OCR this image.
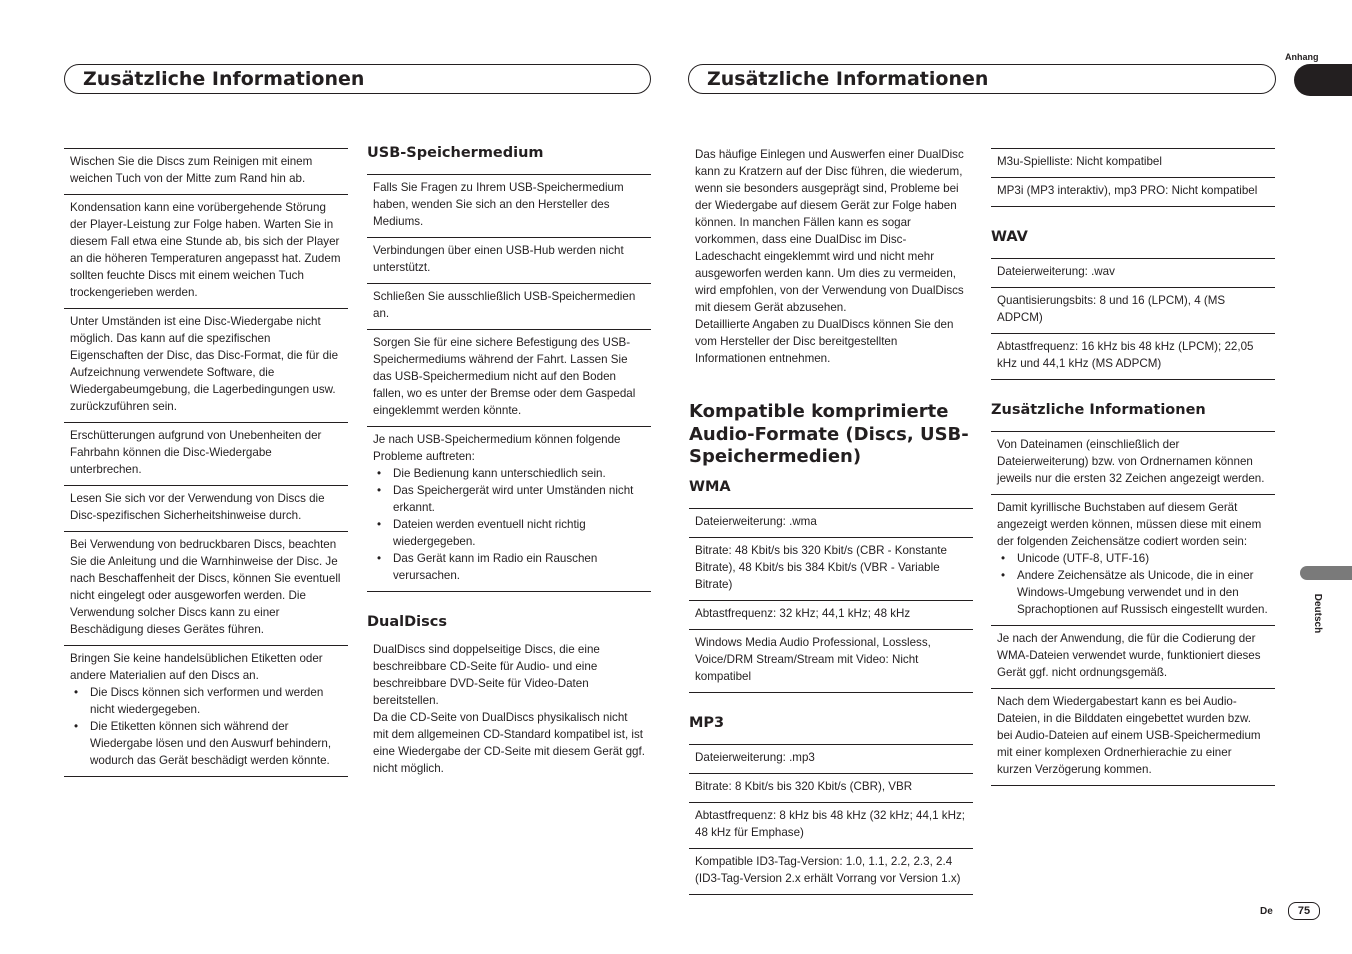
Zusätzliche Informationen	Zusätzliche Informationen
Anhang
Deutsch
De	75

Wischen Sie die Discs zum Reinigen mit einem weichen Tuch von der Mitte zum Rand hin ab.

Kondensation kann eine vorübergehende Störung der Player-Leistung zur Folge haben. Warten Sie in diesem Fall etwa eine Stunde ab, bis sich der Player an die höheren Temperaturen angepasst hat. Zudem sollten feuchte Discs mit einem weichen Tuch trockengerieben werden.

Unter Umständen ist eine Disc-Wiedergabe nicht möglich. Das kann auf die spezifischen Eigenschaften der Disc, das Disc-Format, die für die Aufzeichnung verwendete Software, die Wiedergabeumgebung, die Lagerbedingungen usw. zurückzuführen sein.

Erschütterungen aufgrund von Unebenheiten der Fahrbahn können die Disc-Wiedergabe unterbrechen.

Lesen Sie sich vor der Verwendung von Discs die Disc-spezifischen Sicherheitshinweise durch.

Bei Verwendung von bedruckbaren Discs, beachten Sie die Anleitung und die Warnhinweise der Disc. Je nach Beschaffenheit der Discs, können Sie eventuell nicht eingelegt oder ausgeworfen werden. Die Verwendung solcher Discs kann zu einer Beschädigung dieses Gerätes führen.

Bringen Sie keine handelsüblichen Etiketten oder andere Materialien auf den Discs an.

• Die Discs können sich verformen und werden nicht wiedergegeben.
• Die Etiketten können sich während der Wiedergabe lösen und den Auswurf behindern, wodurch das Gerät beschädigt werden könnte.
USB-Speichermedium

Falls Sie Fragen zu Ihrem USB-Speichermedium haben, wenden Sie sich an den Hersteller des Mediums.

Verbindungen über einen USB-Hub werden nicht unterstützt.

Schließen Sie ausschließlich USB-Speichermedien an.

Sorgen Sie für eine sichere Befestigung des USB-Speichermediums während der Fahrt. Lassen Sie das USB-Speichermedium nicht auf den Boden fallen, wo es unter der Bremse oder dem Gaspedal eingeklemmt werden könnte.

Je nach USB-Speichermedium können folgende Probleme auftreten:

• Die Bedienung kann unterschiedlich sein.
• Das Speichergerät wird unter Umständen nicht erkannt.
• Dateien werden eventuell nicht richtig wiedergegeben.
• Das Gerät kann im Radio ein Rauschen verursachen.
DualDiscs

DualDiscs sind doppelseitige Discs, die eine beschreibbare CD-Seite für Audio- und eine beschreibbare DVD-Seite für Video-Daten bereitstellen.

Da die CD-Seite von DualDiscs physikalisch nicht mit dem allgemeinen CD-Standard kompatibel ist, ist eine Wiedergabe der CD-Seite mit diesem Gerät ggf. nicht möglich.

Das häufige Einlegen und Auswerfen einer DualDisc kann zu Kratzern auf der Disc führen, die wiederum, wenn sie besonders ausgeprägt sind, Probleme bei der Wiedergabe auf diesem Gerät zur Folge haben können. In manchen Fällen kann es sogar vorkommen, dass eine DualDisc im Disc-Ladeschacht eingeklemmt wird und nicht mehr ausgeworfen werden kann. Um dies zu vermeiden, wird empfohlen, von der Verwendung von DualDiscs mit diesem Gerät abzusehen.

Detaillierte Angaben zu DualDiscs können Sie den vom Hersteller der Disc bereitgestellten Informationen entnehmen.

Kompatible komprimierte Audio-Formate (Discs, USB-Speichermedien)
WMA

Dateierweiterung: .wma

Bitrate: 48 Kbit/s bis 320 Kbit/s (CBR - Konstante Bitrate), 48 Kbit/s bis 384 Kbit/s (VBR - Variable Bitrate)

Abtastfrequenz: 32 kHz; 44,1 kHz; 48 kHz

Windows Media Audio Professional, Lossless, Voice/DRM Stream/Stream mit Video: Nicht kompatibel

MP3

Dateierweiterung: .mp3

Bitrate: 8 Kbit/s bis 320 Kbit/s (CBR), VBR

Abtastfrequenz: 8 kHz bis 48 kHz (32 kHz; 44,1 kHz; 48 kHz für Emphase)

Kompatible ID3-Tag-Version: 1.0, 1.1, 2.2, 2.3, 2.4 (ID3-Tag-Version 2.x erhält Vorrang vor Version 1.x)

M3u-Spielliste: Nicht kompatibel

MP3i (MP3 interaktiv), mp3 PRO: Nicht kompatibel

WAV

Dateierweiterung: .wav

Quantisierungsbits: 8 und 16 (LPCM), 4 (MS ADPCM)

Abtastfrequenz: 16 kHz bis 48 kHz (LPCM); 22,05 kHz und 44,1 kHz (MS ADPCM)

Zusätzliche Informationen

Von Dateinamen (einschließlich der Dateierweiterung) bzw. von Ordnernamen können jeweils nur die ersten 32 Zeichen angezeigt werden.

Damit kyrillische Buchstaben auf diesem Gerät angezeigt werden können, müssen diese mit einem der folgenden Zeichensätze codiert worden sein:

• Unicode (UTF-8, UTF-16)
• Andere Zeichensätze als Unicode, die in einer Windows-Umgebung verwendet und in den Sprachoptionen auf Russisch eingestellt wurden.

Je nach der Anwendung, die für die Codierung der WMA-Dateien verwendet wurde, funktioniert dieses Gerät ggf. nicht ordnungsgemäß.

Nach dem Wiedergabestart kann es bei Audio-Dateien, in die Bilddaten eingebettet wurden bzw. bei Audio-Dateien auf einem USB-Speichermedium mit einer komplexen Ordnerhierachie zu einer kurzen Verzögerung kommen.
